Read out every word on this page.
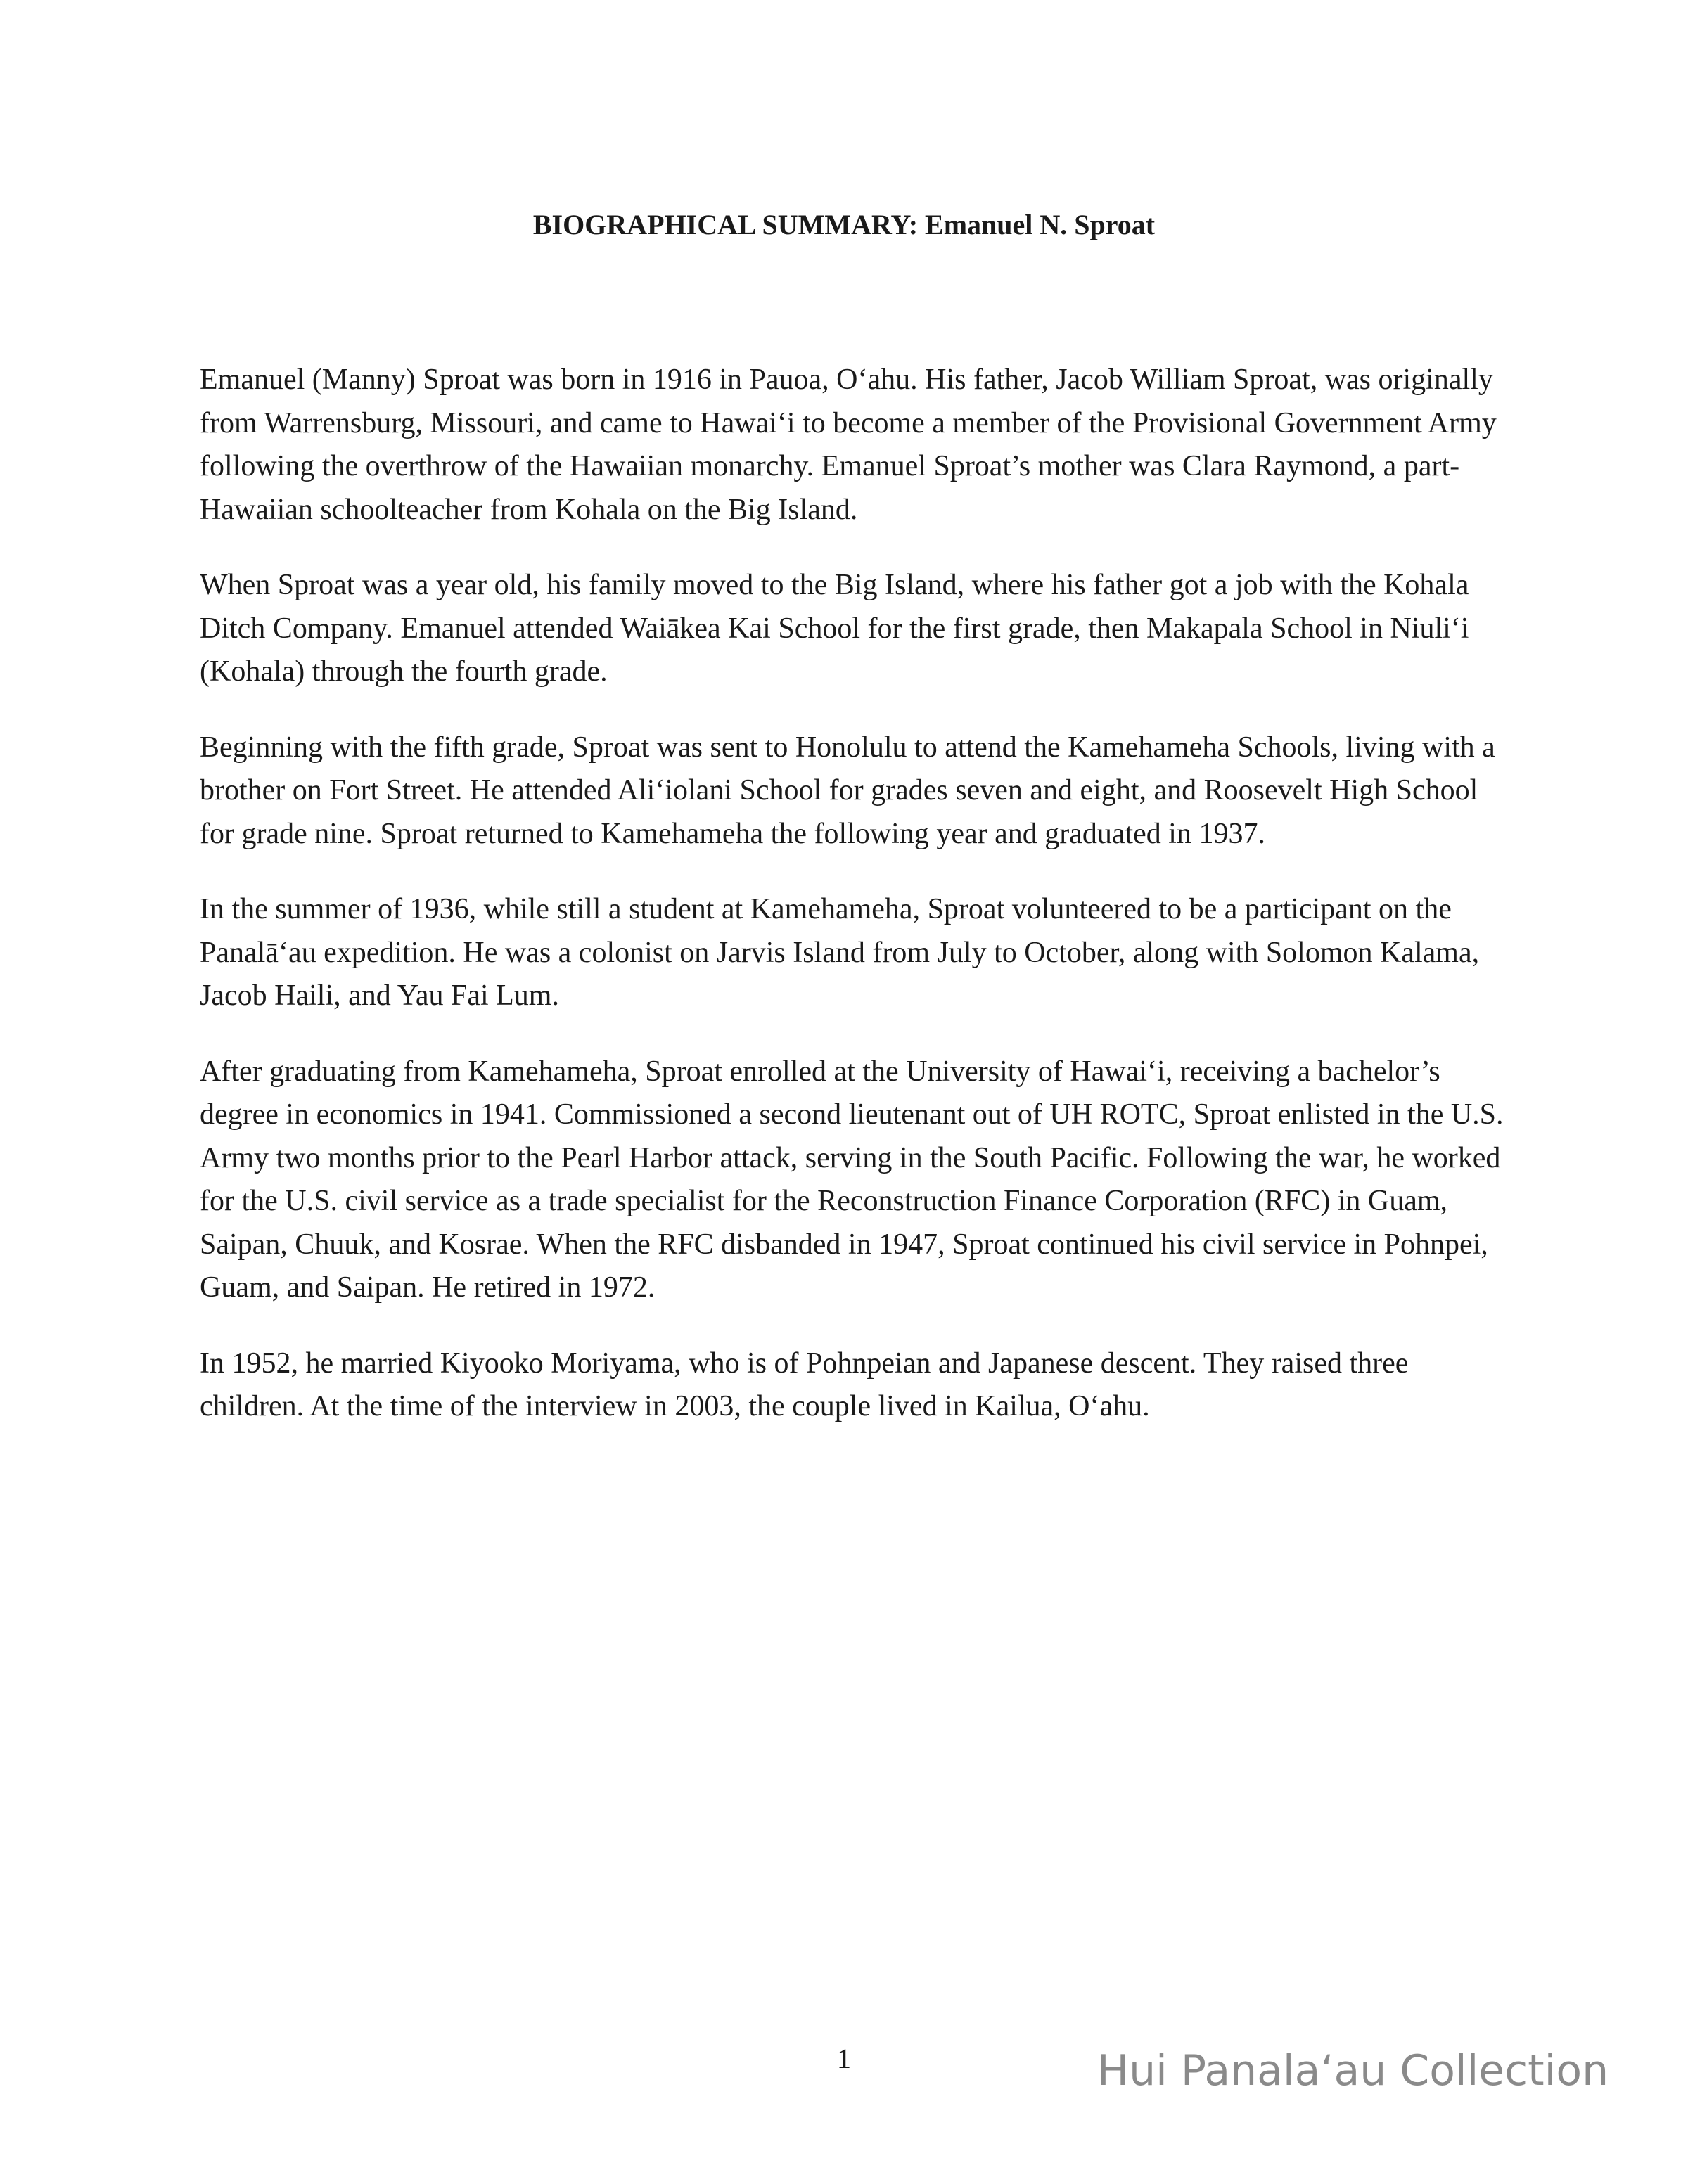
BIOGRAPHICAL SUMMARY: Emanuel N. Sproat

Emanuel (Manny) Sproat was born in 1916 in Pauoa, Oʻahu. His father, Jacob William Sproat, was originally from Warrensburg, Missouri, and came to Hawaiʻi to become a member of the Provisional Government Army following the overthrow of the Hawaiian monarchy. Emanuel Sproat’s mother was Clara Raymond, a part-Hawaiian schoolteacher from Kohala on the Big Island.

When Sproat was a year old, his family moved to the Big Island, where his father got a job with the Kohala Ditch Company. Emanuel attended Waiākea Kai School for the first grade, then Makapala School in Niuliʻi (Kohala) through the fourth grade.

Beginning with the fifth grade, Sproat was sent to Honolulu to attend the Kamehameha Schools, living with a brother on Fort Street. He attended Aliʻiolani School for grades seven and eight, and Roosevelt High School for grade nine. Sproat returned to Kamehameha the following year and graduated in 1937.

In the summer of 1936, while still a student at Kamehameha, Sproat volunteered to be a participant on the Panalāʻau expedition. He was a colonist on Jarvis Island from July to October, along with Solomon Kalama, Jacob Haili, and Yau Fai Lum.

After graduating from Kamehameha, Sproat enrolled at the University of Hawaiʻi, receiving a bachelor’s degree in economics in 1941. Commissioned a second lieutenant out of UH ROTC, Sproat enlisted in the U.S. Army two months prior to the Pearl Harbor attack, serving in the South Pacific. Following the war, he worked for the U.S. civil service as a trade specialist for the Reconstruction Finance Corporation (RFC) in Guam, Saipan, Chuuk, and Kosrae. When the RFC disbanded in 1947, Sproat continued his civil service in Pohnpei, Guam, and Saipan. He retired in 1972.

In 1952, he married Kiyooko Moriyama, who is of Pohnpeian and Japanese descent. They raised three children. At the time of the interview in 2003, the couple lived in Kailua, Oʻahu.

1	Hui Panalaʻau Collection
